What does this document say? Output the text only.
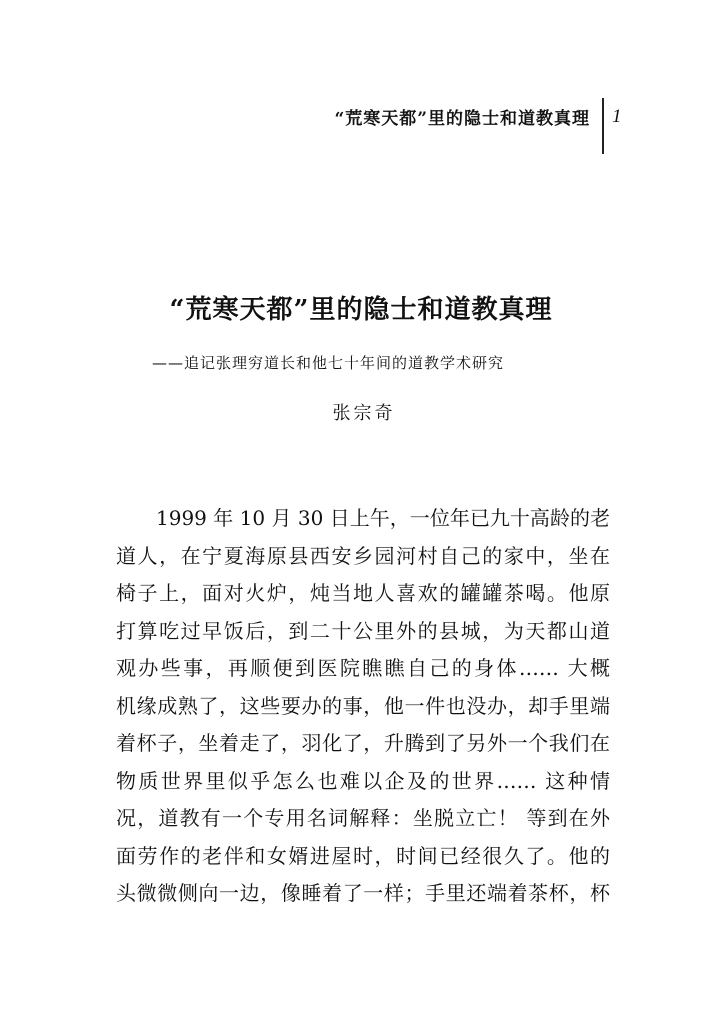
“荒寒天都”里的隐士和道教真理 1
“荒寒天都”里的隐士和道教真理
——追记张理穷道长和他七十年间的道教学术研究
张宗奇
1999 年 10 月 30 日上午，一位年已九十高龄的老
道人，在宁夏海原县西安乡园河村自己的家中，坐在
椅子上，面对火炉，炖当地人喜欢的罐罐茶喝。他原
打算吃过早饭后，到二十公里外的县城，为天都山道
观办些事，再顺便到医院瞧瞧自己的身体…… 大概
机缘成熟了，这些要办的事，他一件也没办，却手里端
着杯子，坐着走了，羽化了，升腾到了另外一个我们在
物质世界里似乎怎么也难以企及的世界…… 这种情
况，道教有一个专用名词解释：坐脱立亡！ 等到在外
面劳作的老伴和女婿进屋时，时间已经很久了。他的
头微微侧向一边，像睡着了一样；手里还端着茶杯，杯
